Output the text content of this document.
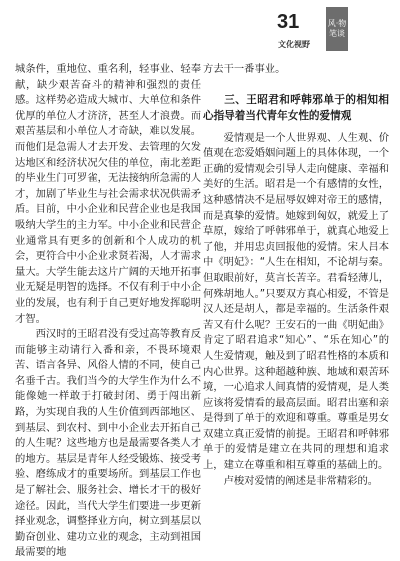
31
文化视野
风·物
笔谈

城条件，重地位、重名利，轻事业、轻奉献，缺少艰苦奋斗的精神和强烈的责任感。这样势必造成大城市、大单位和条件优厚的单位人才济济，甚至人才浪费。而艰苦基层和小单位人才奇缺，难以发展。而他们是急需人才去开发、去管理的欠发达地区和经济状况欠佳的单位，南北差距的毕业生门可罗雀，无法接纳所急需的人才，加剧了毕业生与社会需求状况供需矛盾。目前，中小企业和民营企业也是我国吸纳大学生的主力军。中小企业和民营企业通常具有更多的创新和个人成功的机会，更符合中小企业求贤若渴，人才需求量大。大学生能去这片广阔的天地开拓事业无疑是明智的选择。不仅有利于中小企业的发展，也有利于自己更好地发挥聪明才智。

西汉时的王昭君没有受过高等教育反而能够主动请行入番和亲，不畏环境艰苦、语言各异、风俗人情的不同，使自己名垂千古。我们当今的大学生作为什么不能像她一样敢于打破封闭、勇于闯出新路，为实现自我的人生价值到西部地区、到基层、到农村、到中小企业去开拓自己的人生呢？这些地方也是最需要各类人才的地方。基层是青年人经受锻炼、接受考验、磨练成才的重要场所。到基层工作也是了解社会、服务社会、增长才干的极好途径。因此，当代大学生们要进一步更新择业观念，调整择业方向，树立到基层以勤奋创业、建功立业的观念，主动到祖国最需要的地

方去干一番事业。

三、王昭君和呼韩邪单于的相知相心指导着当代青年女性的爱情观

爱情观是一个人世界观、人生观、价值观在恋爱婚姻问题上的具体体现，一个正确的爱情观会引导人走向健康、幸福和美好的生活。昭君是一个有感情的女性，这种感情决不是屈辱奴婢对帝王的感情，而是真挚的爱情。她嫁到匈奴，就爱上了草原，嫁给了呼韩邪单于，就真心地爱上了他，并用忠贞回报他的爱情。宋人吕本中《明妃》：“人生在相知，不论胡与秦。但取眼前好，莫言长苦辛。君看轻薄儿，何殊胡地人。”只要双方真心相爱，不管是汉人还是胡人，都是幸福的。生活条件艰苦又有什么呢？王安石的一曲《明妃曲》肯定了昭君追求“知心”、“乐在知心”的人生爱情观，触及到了昭君性格的本质和内心世界。这种超越种族、地域和艰苦环境，一心追求人间真情的爱情观，是人类应该将爱情看的最高层面。昭君出塞和亲是得到了单于的欢迎和尊重。尊重是男女双建立真正爱情的前提。王昭君和呼韩邪单于的爱情是建立在共同的理想和追求上，建立在尊重和相互尊重的基础上的。

卢梭对爱情的阐述是非常精彩的。
